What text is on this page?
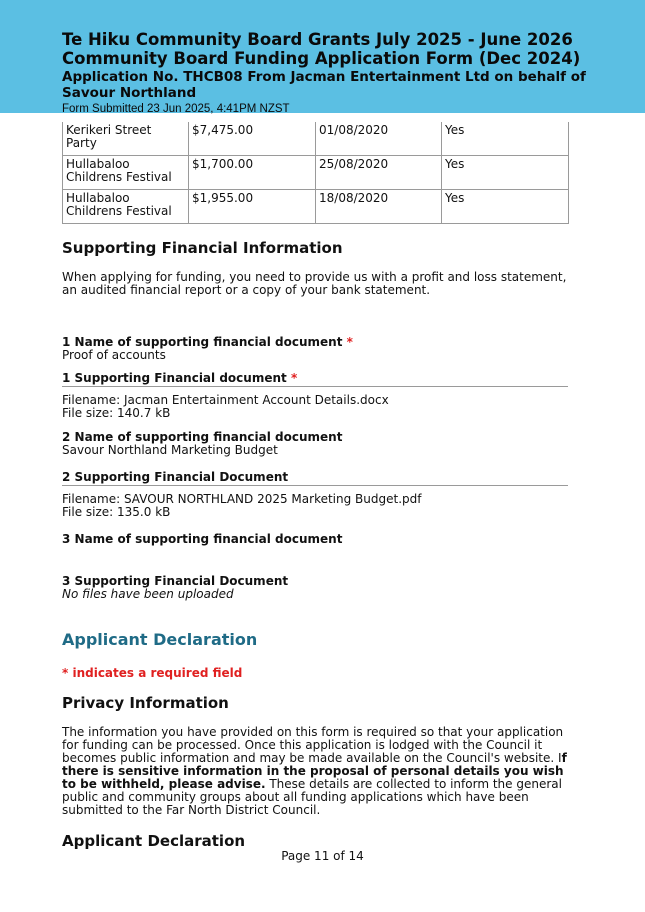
Te Hiku Community Board Grants July 2025 - June 2026
Community Board Funding Application Form (Dec 2024)
Application No. THCB08 From Jacman Entertainment Ltd on behalf of Savour Northland
Form Submitted 23 Jun 2025, 4:41PM NZST
Kerikeri Street Party	$7,475.00	01/08/2020	Yes
Hullabaloo Childrens Festival	$1,700.00	25/08/2020	Yes
Hullabaloo Childrens Festival	$1,955.00	18/08/2020	Yes
Supporting Financial Information

When applying for funding, you need to provide us with a profit and loss statement, an audited financial report or a copy of your bank statement.

1 Name of supporting financial document *
Proof of accounts
1 Supporting Financial document *
Filename: Jacman Entertainment Account Details.docx
File size: 140.7 kB
2 Name of supporting financial document
Savour Northland Marketing Budget
2 Supporting Financial Document
Filename: SAVOUR NORTHLAND 2025 Marketing Budget.pdf
File size: 135.0 kB
3 Name of supporting financial document
3 Supporting Financial Document
No files have been uploaded
Applicant Declaration
* indicates a required field
Privacy Information

The information you have provided on this form is required so that your application for funding can be processed. Once this application is lodged with the Council it becomes public information and may be made available on the Council's website. If there is sensitive information in the proposal of personal details you wish to be withheld, please advise. These details are collected to inform the general public and community groups about all funding applications which have been submitted to the Far North District Council.

Applicant Declaration
Page 11 of 14
